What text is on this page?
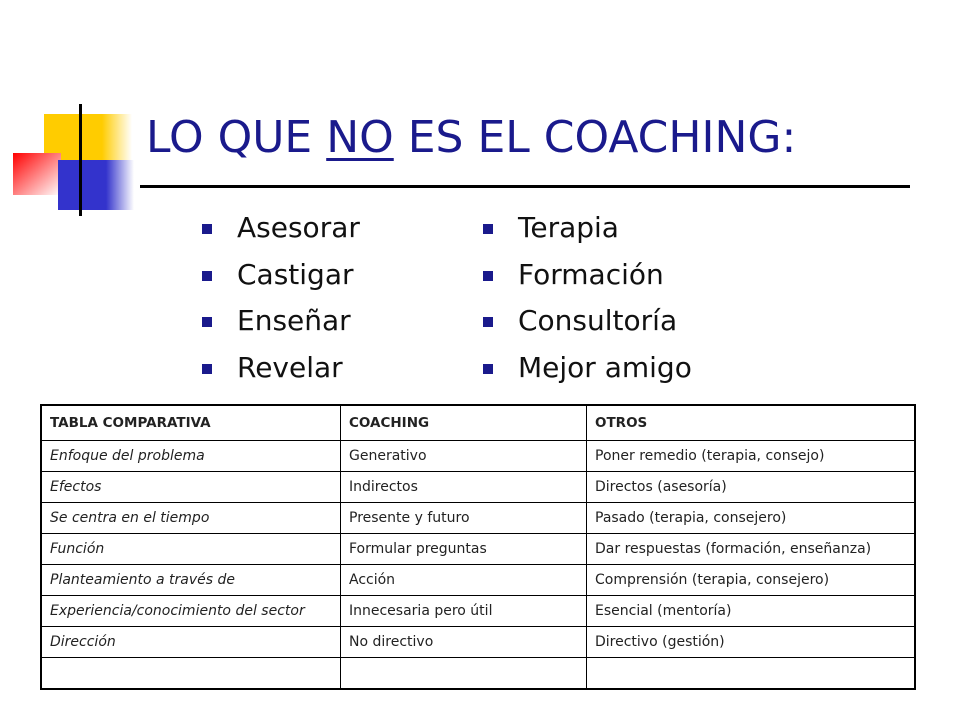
LO QUE NO ES EL COACHING:
Asesorar
Castigar
Enseñar
Revelar
Terapia
Formación
Consultoría
Mejor amigo
TABLA COMPARATIVA	COACHING	OTROS
Enfoque del problema	Generativo	Poner remedio (terapia, consejo)
Efectos	Indirectos	Directos (asesoría)
Se centra en el tiempo	Presente y futuro	Pasado (terapia, consejero)
Función	Formular preguntas	Dar respuestas (formación, enseñanza)
Planteamiento a través de	Acción	Comprensión (terapia, consejero)
Experiencia/conocimiento del sector	Innecesaria pero útil	Esencial (mentoría)
Dirección	No directivo	Directivo (gestión)
